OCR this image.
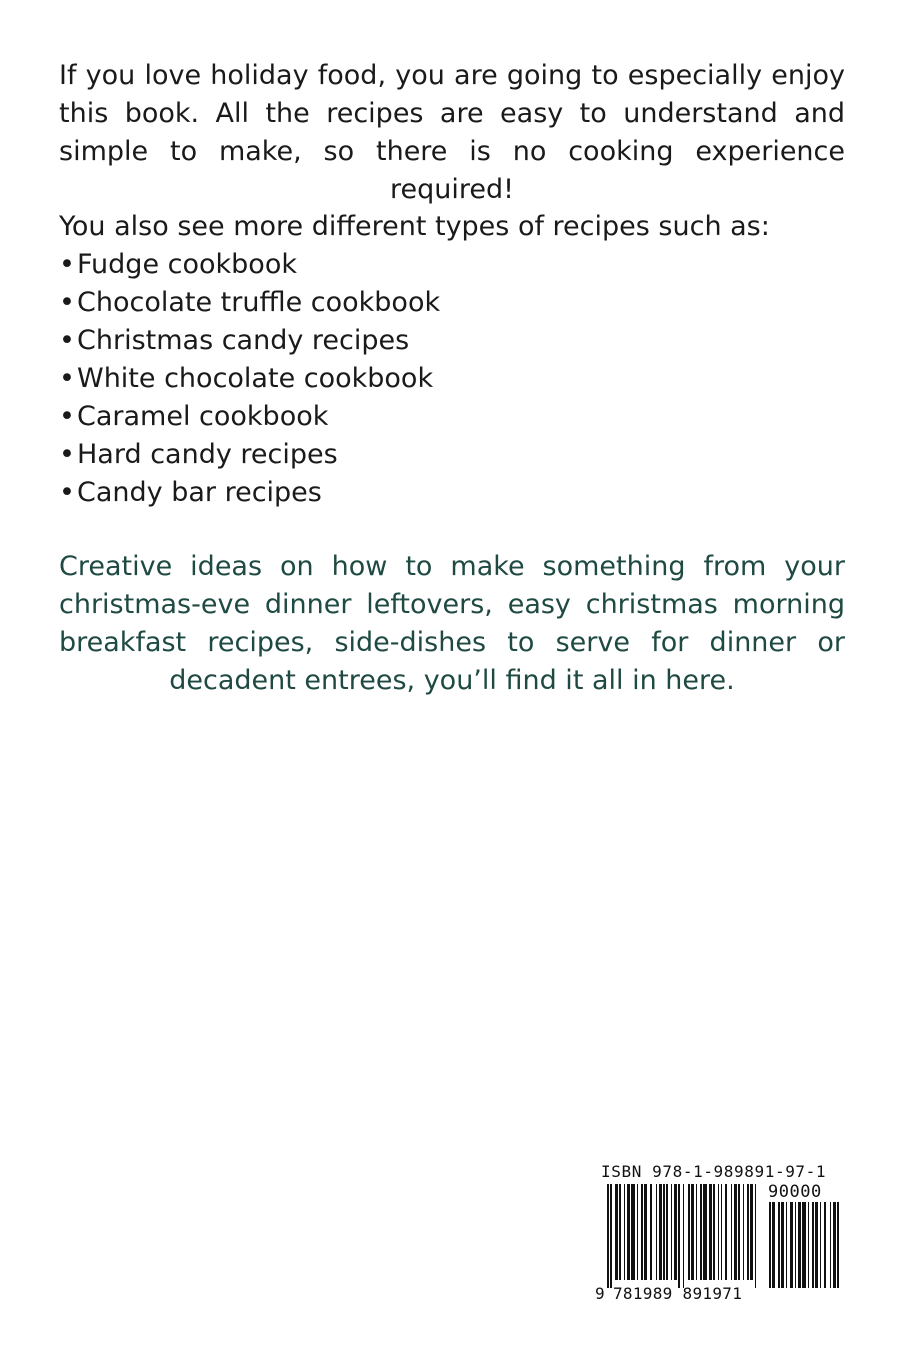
If you love holiday food, you are going to especially enjoy this book. All the recipes are easy to understand and simple to make, so there is no cooking experience required!

You also see more different types of recipes such as:

•Fudge cookbook
•Chocolate truffle cookbook
•Christmas candy recipes
•White chocolate cookbook
•Caramel cookbook
•Hard candy recipes
•Candy bar recipes

Creative ideas on how to make something from your christmas-eve dinner leftovers, easy christmas morning breakfast recipes, side-dishes to serve for dinner or decadent entrees, you’ll find it all in here.

ISBN 978-1-989891-97-1
90000
9 781989 891971
